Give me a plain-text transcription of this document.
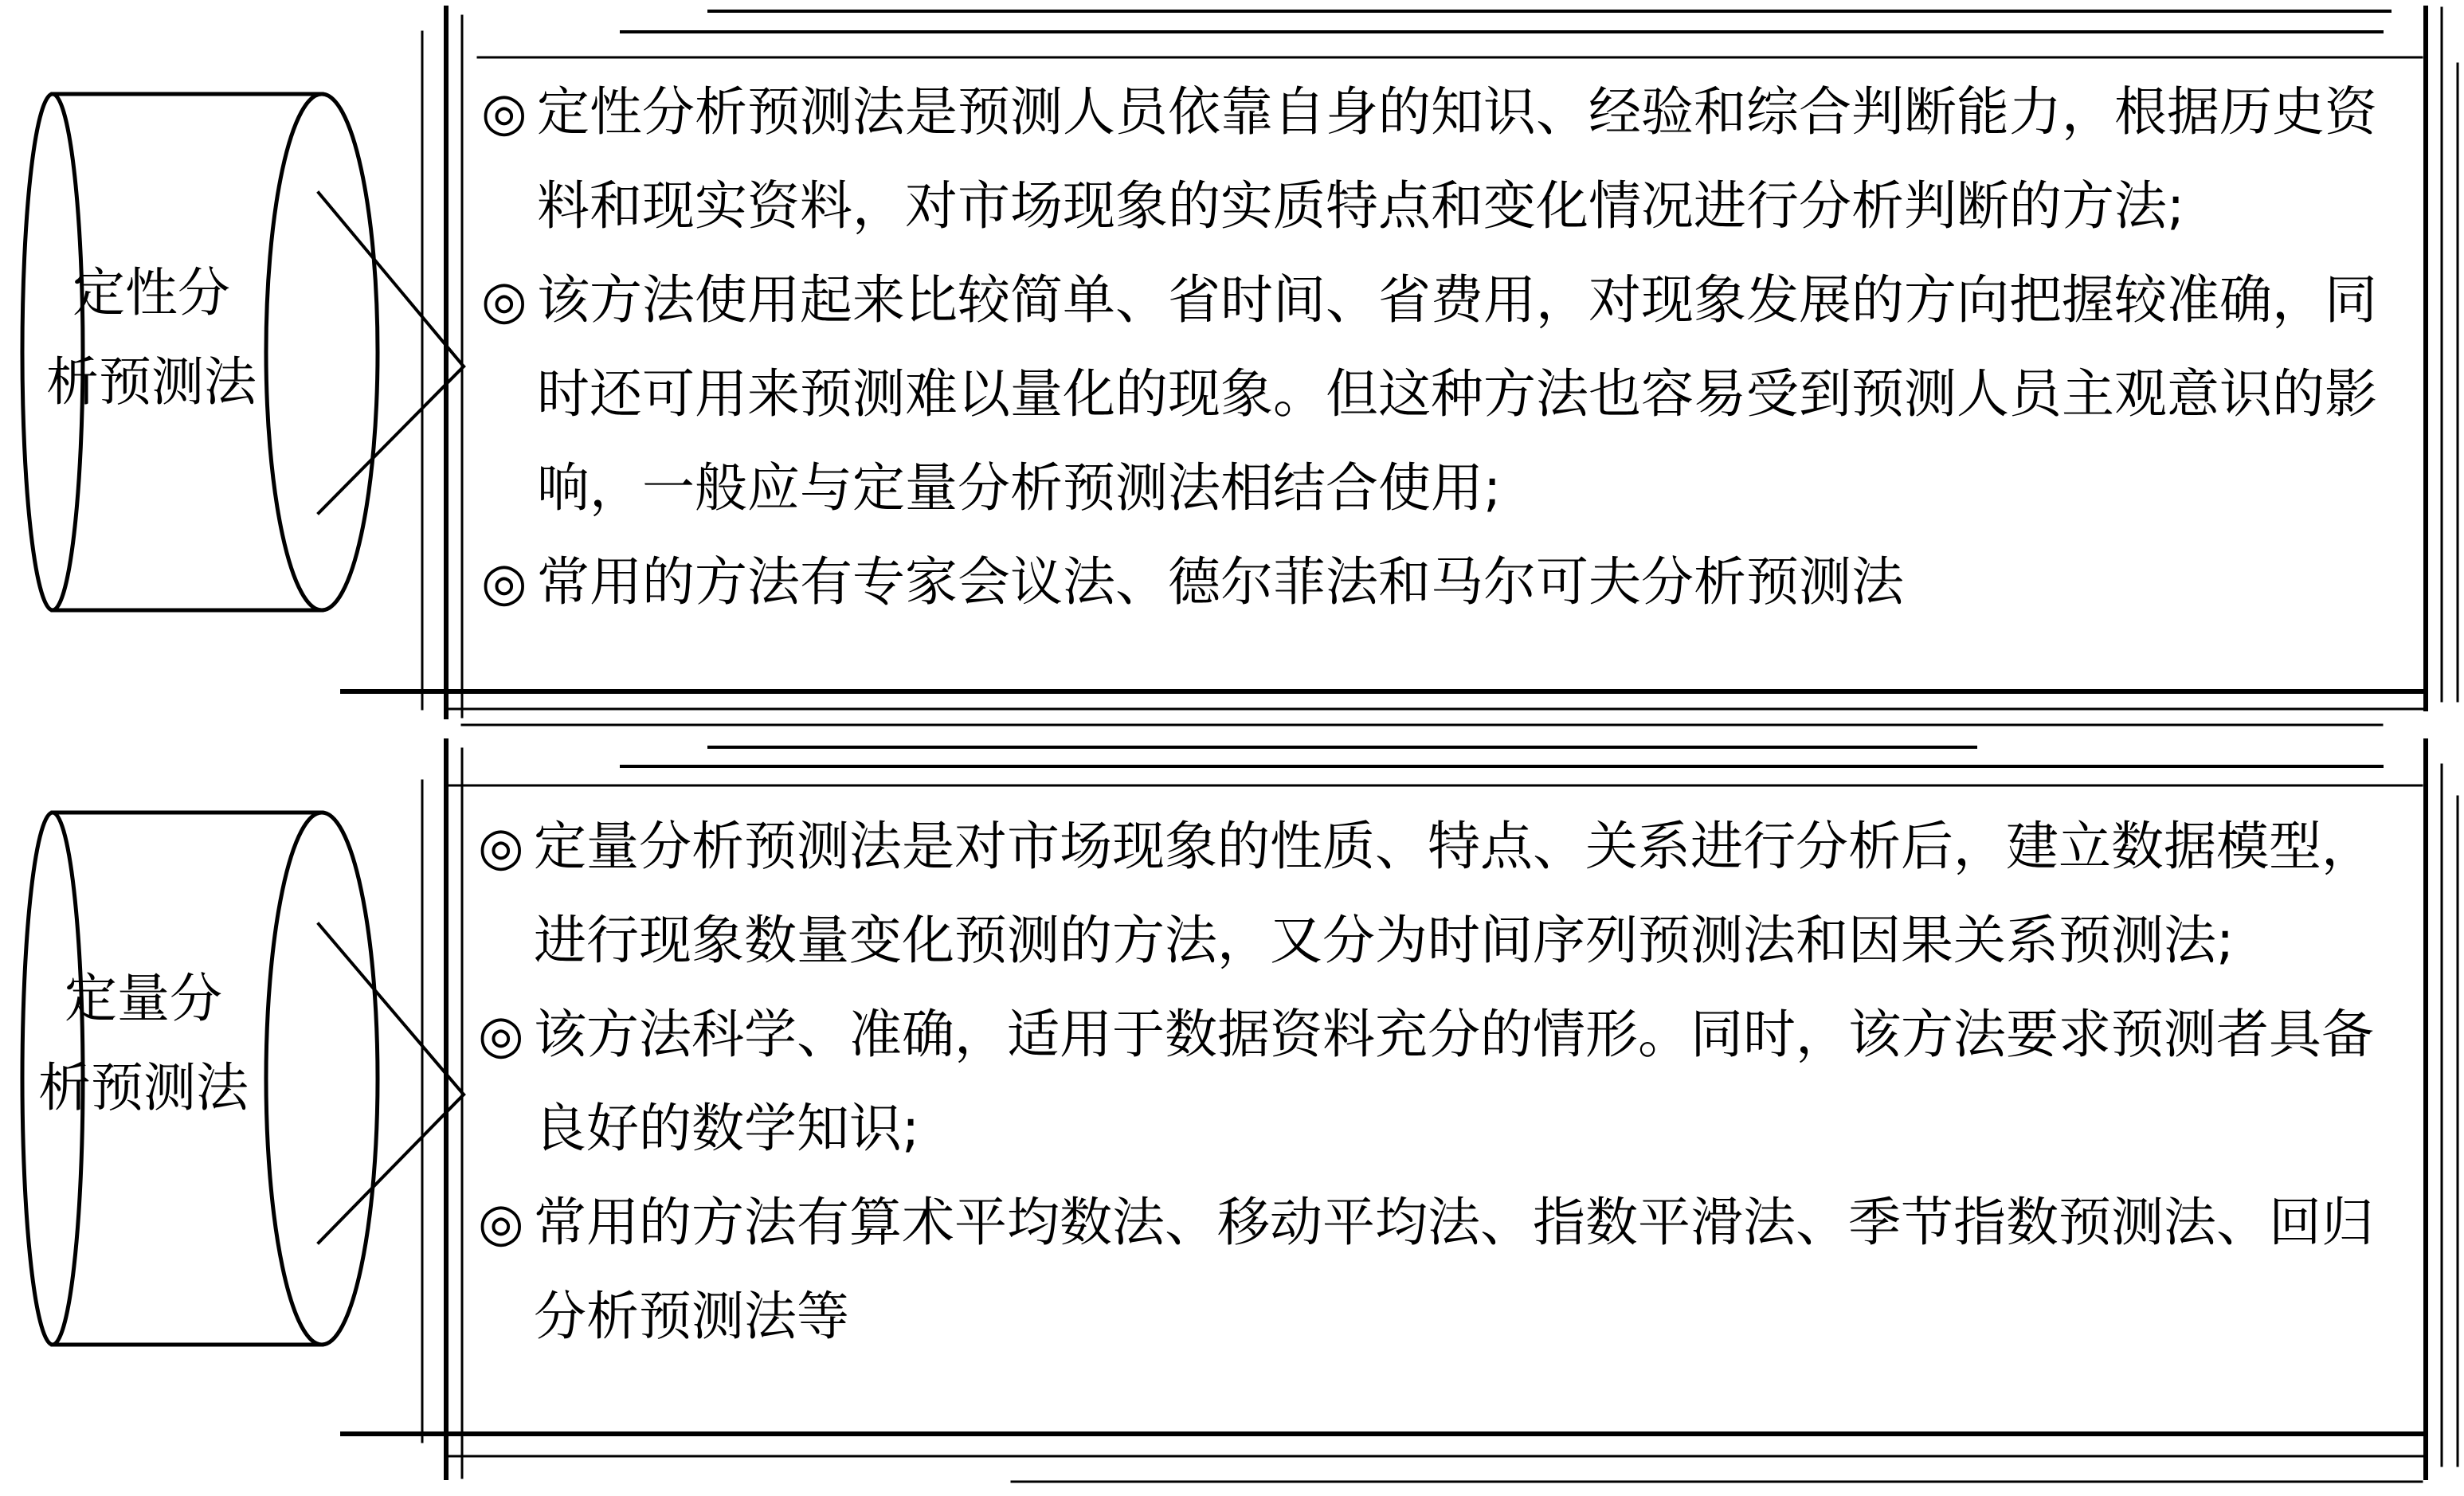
定性分
析预测法
◎ 定性分析预测法是预测人员依靠自身的知识、经验和综合判断能力，根据历史资料和现实资料，对市场现象的实质特点和变化情况进行分析判断的方法;
◎ 该方法使用起来比较简单、省时间、省费用，对现象发展的方向把握较准确，同时还可用来预测难以量化的现象。但这种方法也容易受到预测人员主观意识的影响，一般应与定量分析预测法相结合使用;
◎ 常用的方法有专家会议法、德尔菲法和马尔可夫分析预测法
定量分
析预测法
◎ 定量分析预测法是对市场现象的性质、特点、关系进行分析后，建立数据模型，进行现象数量变化预测的方法，又分为时间序列预测法和因果关系预测法;
◎ 该方法科学、准确，适用于数据资料充分的情形。同时，该方法要求预测者具备良好的数学知识;
◎ 常用的方法有算术平均数法、移动平均法、指数平滑法、季节指数预测法、回归分析预测法等
